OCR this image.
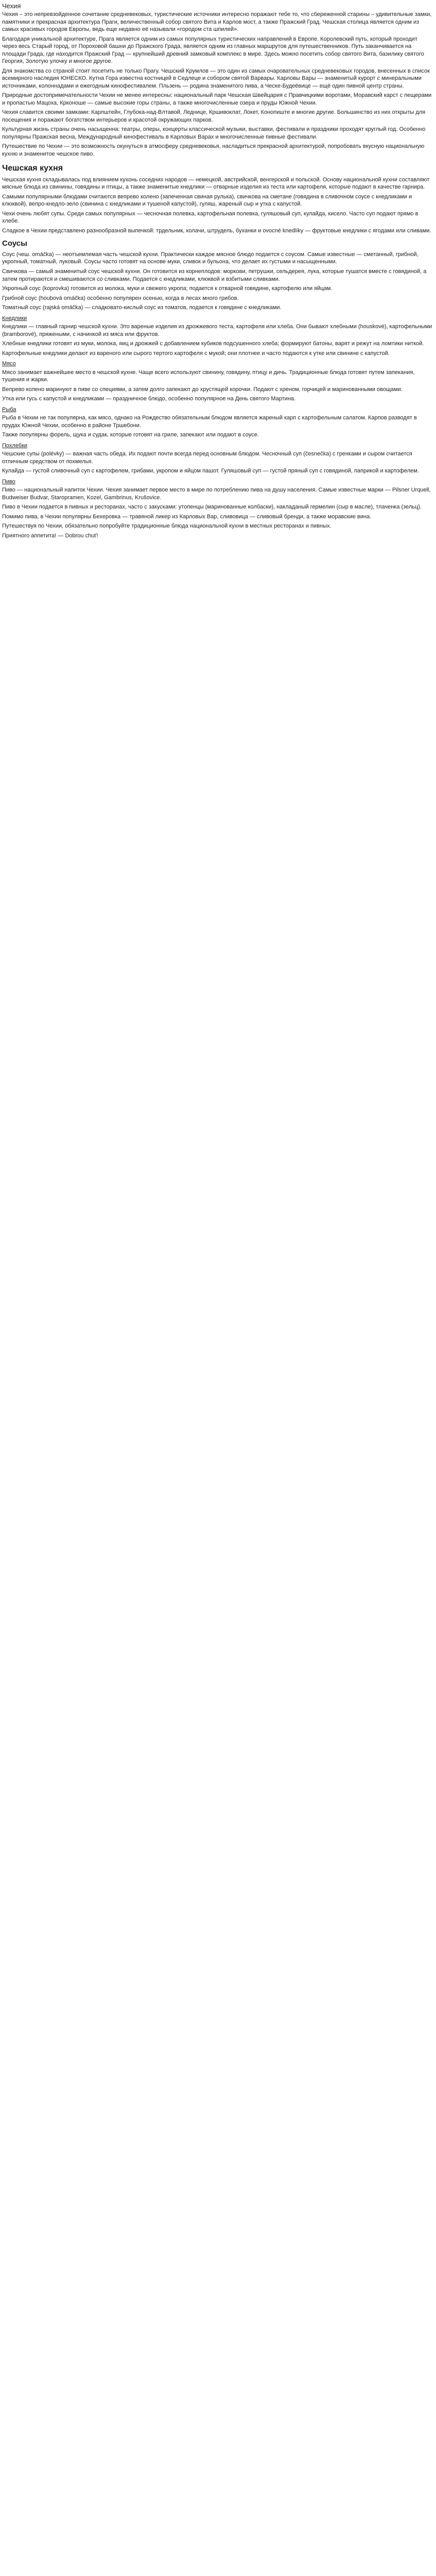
Чехия

Чехия – это непревзойденное сочетание средневековых, туристические источники интересно поражают тебе то, что сбереженной старины – удивительные замки, памятники и прекрасная архитектура Праги, величественный собор святого Вита и Карлов мост, а также Пражский Град. Чешская столица является одним из самых красивых городов Европы, ведь еще недавно её называли «городом ста шпилей».

Благодаря уникальной архитектуре, Прага является одним из самых популярных туристических направлений в Европе. Королевский путь, который проходит через весь Старый город, от Пороховой башни до Пражского Града, является одним из главных маршрутов для путешественников. Путь заканчивается на площади Града, где находится Пражский Град — крупнейший древний замковый комплекс в мире. Здесь можно посетить собор святого Вита, базилику святого Георгия, Золотую улочку и многое другое.

Для знакомства со страной стоит посетить не только Прагу. Чешский Крумлов — это один из самых очаровательных средневековых городов, внесенных в список всемирного наследия ЮНЕСКО. Кутна Гора известна костницей в Седлеце и собором святой Варвары. Карловы Вары — знаменитый курорт с минеральными источниками, колоннадами и ежегодным кинофестивалем. Пльзень — родина знаменитого пива, а Ческе-Будеёвице — ещё один пивной центр страны.

Природные достопримечательности Чехии не менее интересны: национальный парк Чешская Швейцария с Правчицкими воротами, Моравский карст с пещерами и пропастью Мацоха, Крконоше — самые высокие горы страны, а также многочисленные озера и пруды Южной Чехии.

Чехия славится своими замками: Карлштейн, Глубока-над-Влтавой, Леднице, Кршивоклат, Локет, Конопиште и многие другие. Большинство из них открыты для посещения и поражают богатством интерьеров и красотой окружающих парков.

Культурная жизнь страны очень насыщенна: театры, оперы, концерты классической музыки, выставки, фестивали и праздники проходят круглый год. Особенно популярны Пражская весна, Международный кинофестиваль в Карловых Варах и многочисленные пивные фестивали.

Путешествие по Чехии — это возможность окунуться в атмосферу средневековья, насладиться прекрасной архитектурой, попробовать вкусную национальную кухню и знаменитое чешское пиво.

Чешская кухня

Чешская кухня складывалась под влиянием кухонь соседних народов — немецкой, австрийской, венгерской и польской. Основу национальной кухни составляют мясные блюда из свинины, говядины и птицы, а также знаменитые кнедлики — отварные изделия из теста или картофеля, которые подают в качестве гарнира.

Самыми популярными блюдами считаются вепрево колено (запеченная свиная рулька), свичкова на сметане (говядина в сливочном соусе с кнедликами и клюквой), вепрo-кнедло-зело (свинина с кнедликами и тушеной капустой), гуляш, жареный сыр и утка с капустой.

Чехи очень любят супы. Среди самых популярных — чесночная полевка, картофельная полевка, гуляшовый суп, кулайда, кисело. Часто суп подают прямо в хлебе.

Сладкое в Чехии представлено разнообразной выпечкой: трдельник, колачи, штрудель, буханки и ovocné knedlíky — фруктовые кнедлики с ягодами или сливами.

Соусы

Соус (чеш. omáčka) — неотъемлемая часть чешской кухни. Практически каждое мясное блюдо подается с соусом. Самые известные — сметанный, грибной, укропный, томатный, луковый. Соусы часто готовят на основе муки, сливок и бульона, что делает их густыми и насыщенными.

Свичкова — самый знаменитый соус чешской кухни. Он готовится из корнеплодов: моркови, петрушки, сельдерея, лука, которые тушатся вместе с говядиной, а затем протираются и смешиваются со сливками. Подается с кнедликами, клюквой и взбитыми сливками.

Укропный соус (koprovka) готовится из молока, муки и свежего укропа; подается к отварной говядине, картофелю или яйцам.

Грибной соус (houbová omáčka) особенно популярен осенью, когда в лесах много грибов.

Томатный соус (rajská omáčka) — сладковато-кислый соус из томатов, подается к говядине с кнедликами.

Кнедлики

Кнедлики — главный гарнир чешской кухни. Это вареные изделия из дрожжевого теста, картофеля или хлеба. Они бывают хлебными (houskové), картофельными (bramborové), пряжеными, с начинкой из мяса или фруктов.

Хлебные кнедлики готовят из муки, молока, яиц и дрожжей с добавлением кубиков подсушенного хлеба; формируют батоны, варят и режут на ломтики ниткой.

Картофельные кнедлики делают из вареного или сырого тертого картофеля с мукой; они плотнее и часто подаются к утке или свинине с капустой.

Мясо

Мясо занимает важнейшее место в чешской кухне. Чаще всего используют свинину, говядину, птицу и дичь. Традиционные блюда готовят путем запекания, тушения и жарки.

Вепрево колено маринуют в пиве со специями, а затем долго запекают до хрустящей корочки. Подают с хреном, горчицей и маринованными овощами.

Утка или гусь с капустой и кнедликами — праздничное блюдо, особенно популярное на День святого Мартина.

Рыба

Рыба в Чехии не так популярна, как мясо, однако на Рождество обязательным блюдом является жареный карп с картофельным салатом. Карпов разводят в прудах Южной Чехии, особенно в районе Тршебони.

Также популярны форель, щука и судак, которые готовят на гриле, запекают или подают в соусе.

Похлебки

Чешские супы (polévky) — важная часть обеда. Их подают почти всегда перед основным блюдом. Чесночный суп (česnečka) с гренками и сыром считается отличным средством от похмелья.

Кулайда — густой сливочный суп с картофелем, грибами, укропом и яйцом пашот. Гуляшовый суп — густой пряный суп с говядиной, паприкой и картофелем.

Пиво

Пиво — национальный напиток Чехии. Чехия занимает первое место в мире по потреблению пива на душу населения. Самые известные марки — Pilsner Urquell, Budweiser Budvar, Staropramen, Kozel, Gambrinus, Krušovice.

Пиво в Чехии подается в пивных и ресторанах, часто с закусками: утопенцы (маринованные колбаски), накладаный гермелин (сыр в масле), тлаченка (зельц).

Помимо пива, в Чехии популярны Бехеровка — травяной ликер из Карловых Вар, сливовица — сливовый бренди, а также моравские вина.

Путешествуя по Чехии, обязательно попробуйте традиционные блюда национальной кухни в местных ресторанах и пивных.

Приятного аппетита! — Dobrou chuť!
